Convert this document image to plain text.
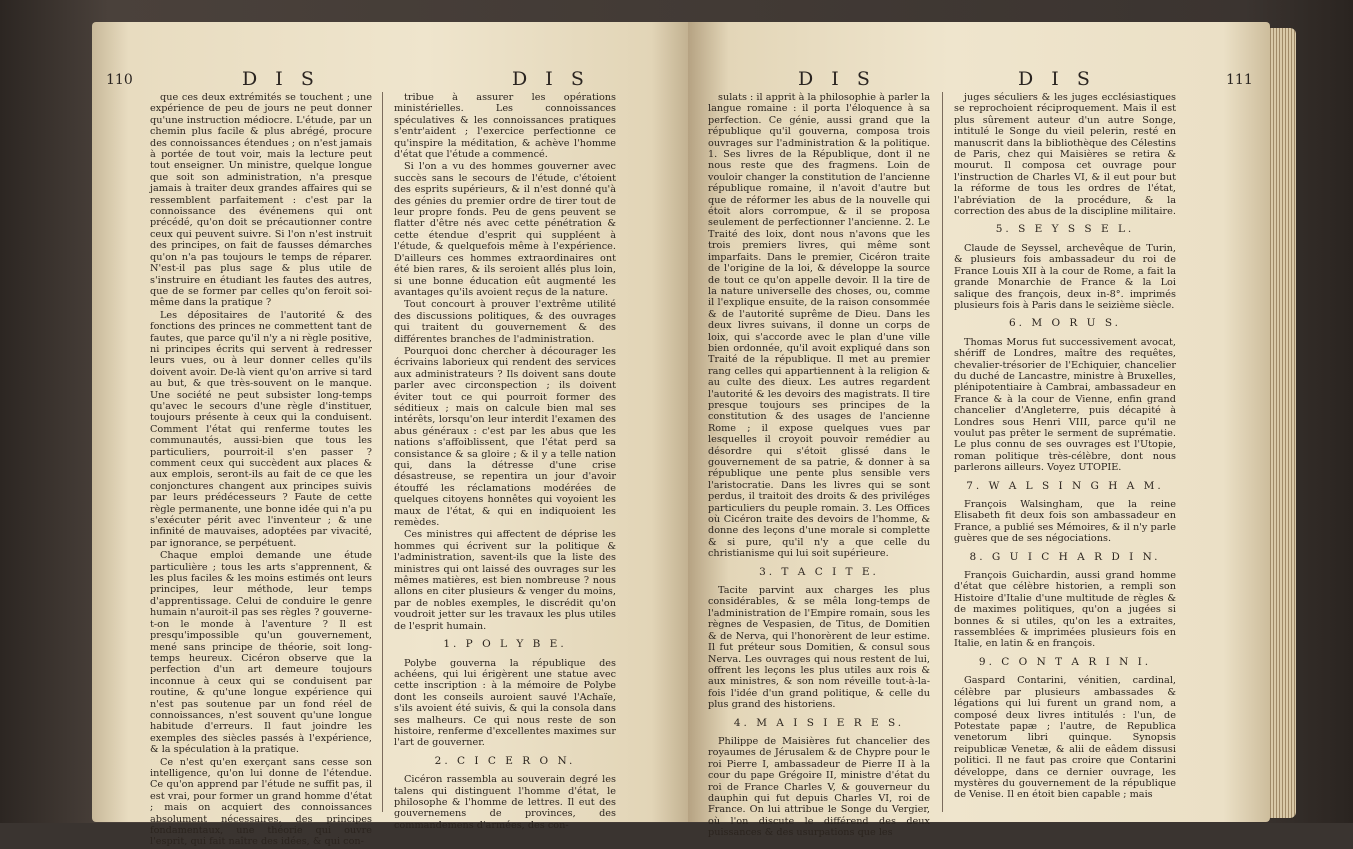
110	D I S	D I S

que ces deux extrémités se touchent ; une expérience de peu de jours ne peut donner qu'une instruction médiocre. L'étude, par un chemin plus facile & plus abrégé, procure des connoissances étendues ; on n'est jamais à portée de tout voir, mais la lecture peut tout enseigner. Un ministre, quelque longue que soit son administration, n'a presque jamais à traiter deux grandes affaires qui se ressemblent parfaitement : c'est par la connoissance des événemens qui ont précédé, qu'on doit se précautionner contre ceux qui peuvent suivre. Si l'on n'est instruit des principes, on fait de fausses démarches qu'on n'a pas toujours le temps de réparer. N'est-il pas plus sage & plus utile de s'instruire en étudiant les fautes des autres, que de se former par celles qu'on feroit soi-même dans la pratique ?

Les dépositaires de l'autorité & des fonctions des princes ne commettent tant de fautes, que parce qu'il n'y a ni règle positive, ni principes écrits qui servent à redresser leurs vues, ou à leur donner celles qu'ils doivent avoir. De-là vient qu'on arrive si tard au but, & que très-souvent on le manque. Une société ne peut subsister long-temps qu'avec le secours d'une règle d'instituer, toujours présente à ceux qui la conduisent. Comment l'état qui renferme toutes les communautés, aussi-bien que tous les particuliers, pourroit-il s'en passer ? comment ceux qui succèdent aux places & aux emplois, seront-ils au fait de ce que les conjonctures changent aux principes suivis par leurs prédécesseurs ? Faute de cette règle permanente, une bonne idée qui n'a pu s'exécuter périt avec l'inventeur ; & une infinité de mauvaises, adoptées par vivacité, par ignorance, se perpétuent.

Chaque emploi demande une étude particulière ; tous les arts s'apprennent, & les plus faciles & les moins estimés ont leurs principes, leur méthode, leur temps d'apprentissage. Celui de conduire le genre humain n'auroit-il pas ses règles ? gouverne-t-on le monde à l'aventure ? Il est presqu'impossible qu'un gouvernement, mené sans principe de théorie, soit long-temps heureux. Cicéron observe que la perfection d'un art demeure toujours inconnue à ceux qui se conduisent par routine, & qu'une longue expérience qui n'est pas soutenue par un fond réel de connoissances, n'est souvent qu'une longue habitude d'erreurs. Il faut joindre les exemples des siècles passés à l'expérience, & la spéculation à la pratique.

Ce n'est qu'en exerçant sans cesse son intelligence, qu'on lui donne de l'étendue. Ce qu'on apprend par l'étude ne suffit pas, il est vrai, pour former un grand homme d'état ; mais on acquiert des connoissances absolument nécessaires, des principes fondamentaux, une théorie qui ouvre l'esprit, qui fait naître des idées, & qui con-

tribue à assurer les opérations ministérielles. Les connoissances spéculatives & les connoissances pratiques s'entr'aident ; l'exercice perfectionne ce qu'inspire la méditation, & achève l'homme d'état que l'étude a commencé.

Si l'on a vu des hommes gouverner avec succès sans le secours de l'étude, c'étoient des esprits supérieurs, & il n'est donné qu'à des génies du premier ordre de tirer tout de leur propre fonds. Peu de gens peuvent se flatter d'être nés avec cette pénétration & cette étendue d'esprit qui suppléent à l'étude, & quelquefois même à l'expérience. D'ailleurs ces hommes extraordinaires ont été bien rares, & ils seroient allés plus loin, si une bonne éducation eût augmenté les avantages qu'ils avoient reçus de la nature.

Tout concourt à prouver l'extrême utilité des discussions politiques, & des ouvrages qui traitent du gouvernement & des différentes branches de l'administration.

Pourquoi donc chercher à décourager les écrivains laborieux qui rendent des services aux administrateurs ? Ils doivent sans doute parler avec circonspection ; ils doivent éviter tout ce qui pourroit former des séditieux ; mais on calcule bien mal ses intérêts, lorsqu'on leur interdit l'examen des abus généraux : c'est par les abus que les nations s'affoiblissent, que l'état perd sa consistance & sa gloire ; & il y a telle nation qui, dans la détresse d'une crise désastreuse, se repentira un jour d'avoir étouffé les réclamations modérées de quelques citoyens honnêtes qui voyoient les maux de l'état, & qui en indiquoient les remèdes.

Ces ministres qui affectent de déprise les hommes qui écrivent sur la politique & l'administration, savent-ils que la liste des ministres qui ont laissé des ouvrages sur les mêmes matières, est bien nombreuse ? nous allons en citer plusieurs & venger du moins, par de nobles exemples, le discrédit qu'on voudroit jetter sur les travaux les plus utiles de l'esprit humain.

1. P O L Y B E.

Polybe gouverna la république des achéens, qui lui érigèrent une statue avec cette inscription : à la mémoire de Polybe dont les conseils auroient sauvé l'Achaïe, s'ils avoient été suivis, & qui la consola dans ses malheurs. Ce qui nous reste de son histoire, renferme d'excellentes maximes sur l'art de gouverner.

2. C I C E R O N.

Cicéron rassembla au souverain degré les talens qui distinguent l'homme d'état, le philosophe & l'homme de lettres. Il eut des gouvernemens de provinces, des commandemens d'armées, des con-

D I S	D I S	111

sulats : il apprit à la philosophie à parler la langue romaine : il porta l'éloquence à sa perfection. Ce génie, aussi grand que la république qu'il gouverna, composa trois ouvrages sur l'administration & la politique. 1. Ses livres de la République, dont il ne nous reste que des fragmens. Loin de vouloir changer la constitution de l'ancienne république romaine, il n'avoit d'autre but que de réformer les abus de la nouvelle qui étoit alors corrompue, & il se proposa seulement de perfectionner l'ancienne. 2. Le Traité des loix, dont nous n'avons que les trois premiers livres, qui même sont imparfaits. Dans le premier, Cicéron traite de l'origine de la loi, & développe la source de tout ce qu'on appelle devoir. Il la tire de la nature universelle des choses, ou, comme il l'explique ensuite, de la raison consommée & de l'autorité suprême de Dieu. Dans les deux livres suivans, il donne un corps de loix, qui s'accorde avec le plan d'une ville bien ordonnée, qu'il avoit expliqué dans son Traité de la république. Il met au premier rang celles qui appartiennent à la religion & au culte des dieux. Les autres regardent l'autorité & les devoirs des magistrats. Il tire presque toujours ses principes de la constitution & des usages de l'ancienne Rome ; il expose quelques vues par lesquelles il croyoit pouvoir remédier au désordre qui s'étoit glissé dans le gouvernement de sa patrie, & donner à sa république une pente plus sensible vers l'aristocratie. Dans les livres qui se sont perdus, il traitoit des droits & des priviléges particuliers du peuple romain. 3. Les Offices où Cicéron traite des devoirs de l'homme, & donne des leçons d'une morale si complette & si pure, qu'il n'y a que celle du christianisme qui lui soit supérieure.

3. T A C I T E.

Tacite parvint aux charges les plus considérables, & se mêla long-temps de l'administration de l'Empire romain, sous les règnes de Vespasien, de Titus, de Domitien & de Nerva, qui l'honorèrent de leur estime. Il fut préteur sous Domitien, & consul sous Nerva. Les ouvrages qui nous restent de lui, offrent les leçons les plus utiles aux rois & aux ministres, & son nom réveille tout-à-la-fois l'idée d'un grand politique, & celle du plus grand des historiens.

4. M A I S I E R E S.

Philippe de Maisières fut chancelier des royaumes de Jérusalem & de Chypre pour le roi Pierre I, ambassadeur de Pierre II à la cour du pape Grégoire II, ministre d'état du roi de France Charles V, & gouverneur du dauphin qui fut depuis Charles VI, roi de France. On lui attribue le Songe du Vergier, où l'on discute le différend des deux puissances & des usurpations que les

juges séculiers & les juges ecclésiastiques se reprochoient réciproquement. Mais il est plus sûrement auteur d'un autre Songe, intitulé le Songe du vieil pelerin, resté en manuscrit dans la bibliothèque des Célestins de Paris, chez qui Maisières se retira & mourut. Il composa cet ouvrage pour l'instruction de Charles VI, & il eut pour but la réforme de tous les ordres de l'état, l'abréviation de la procédure, & la correction des abus de la discipline militaire.

5. S E Y S S E L.

Claude de Seyssel, archevêque de Turin, & plusieurs fois ambassadeur du roi de France Louis XII à la cour de Rome, a fait la grande Monarchie de France & la Loi salique des françois, deux in-8°. imprimés plusieurs fois à Paris dans le seizième siècle.

6. M O R U S.

Thomas Morus fut successivement avocat, shériff de Londres, maître des requêtes, chevalier-trésorier de l'Echiquier, chancelier du duché de Lancastre, ministre à Bruxelles, plénipotentiaire à Cambrai, ambassadeur en France & à la cour de Vienne, enfin grand chancelier d'Angleterre, puis décapité à Londres sous Henri VIII, parce qu'il ne voulut pas prêter le serment de suprématie. Le plus connu de ses ouvrages est l'Utopie, roman politique très-célèbre, dont nous parlerons ailleurs. Voyez UTOPIE.

7. W A L S I N G H A M.

François Walsingham, que la reine Elisabeth fit deux fois son ambassadeur en France, a publié ses Mémoires, & il n'y parle guères que de ses négociations.

8. G U I C H A R D I N.

François Guichardin, aussi grand homme d'état que célèbre historien, a rempli son Histoire d'Italie d'une multitude de règles & de maximes politiques, qu'on a jugées si bonnes & si utiles, qu'on les a extraites, rassemblées & imprimées plusieurs fois en Italie, en latin & en françois.

9. C O N T A R I N I.

Gaspard Contarini, vénitien, cardinal, célèbre par plusieurs ambassades & légations qui lui furent un grand nom, a composé deux livres intitulés : l'un, de Potestate papæ ; l'autre, de Republica venetorum libri quinque. Synopsis reipublicæ Venetæ, & alii de eâdem dissusi politici. Il ne faut pas croire que Contarini développe, dans ce dernier ouvrage, les mystères du gouvernement de la république de Venise. Il en étoit bien capable ; mais
